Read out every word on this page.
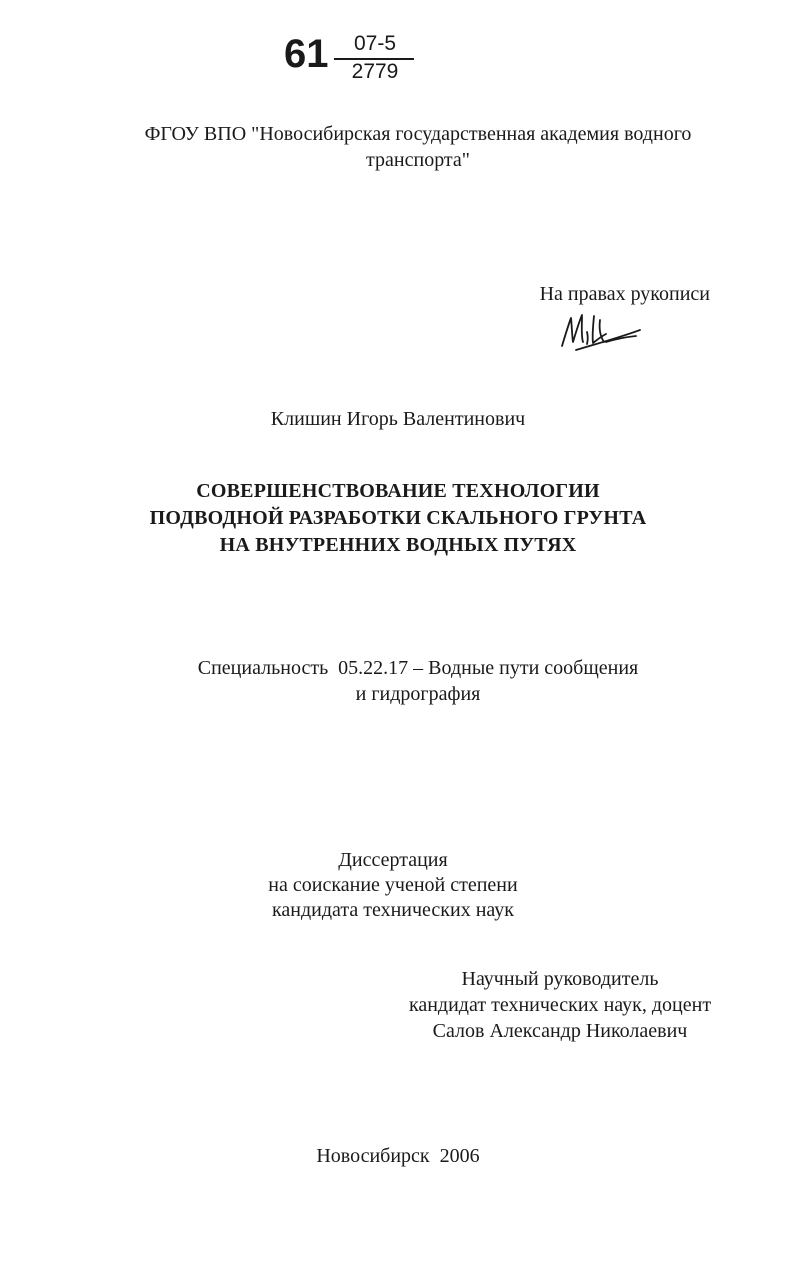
61	07-5
2779
ФГОУ ВПО "Новосибирская государственная академия водного
транспорта"
На правах рукописи
Клишин Игорь Валентинович
СОВЕРШЕНСТВОВАНИЕ ТЕХНОЛОГИИ
ПОДВОДНОЙ РАЗРАБОТКИ СКАЛЬНОГО ГРУНТА
НА ВНУТРЕННИХ ВОДНЫХ ПУТЯХ
Специальность  05.22.17 – Водные пути сообщения
и гидрография
Диссертация
на соискание ученой степени
кандидата технических наук
Научный руководитель
кандидат технических наук, доцент
Салов Александр Николаевич
Новосибирск  2006
